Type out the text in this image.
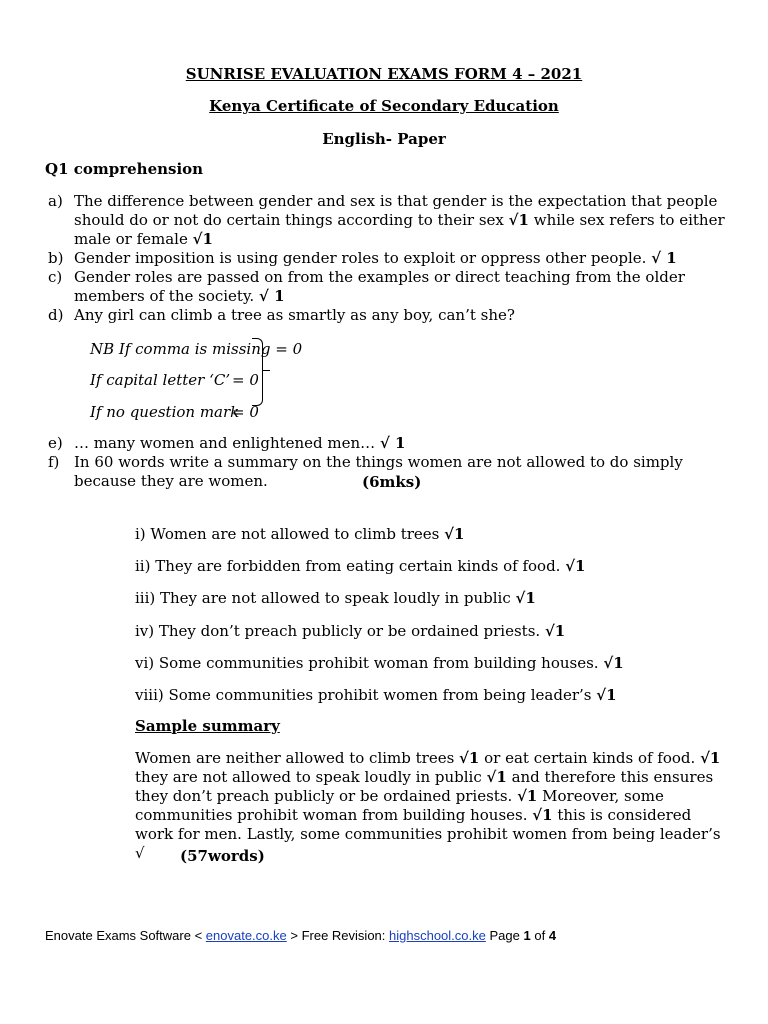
SUNRISE EVALUATION EXAMS FORM 4 – 2021
Kenya Certificate of Secondary Education
English- Paper
Q1 comprehension
a) The difference between gender and sex is that gender is the expectation that people should do or not do certain things according to their sex √1 while sex refers to either male or female √1
b) Gender imposition is using gender roles to exploit or oppress other people. √ 1
c) Gender roles are passed on from the examples or direct teaching from the older members of the society. √ 1
d) Any girl can climb a tree as smartly as any boy, can’t she?
NB If comma is missing = 0
If capital letter ‘C’ = 0
If no question mark
= 0
e) … many women and enlightened men… √ 1
f) In 60 words write a summary on the things women are not allowed to do simply because they are women.	(6mks)
i) Women are not allowed to climb trees √1
ii) They are forbidden from eating certain kinds of food. √1
iii) They are not allowed to speak loudly in public √1
iv) They don’t preach publicly or be ordained priests. √1
vi) Some communities prohibit woman from building houses. √1
viii) Some communities prohibit women from being leader’s √1
Sample summary
Women are neither allowed to climb trees √1 or eat certain kinds of food. √1 they are not allowed to speak loudly in public √1 and therefore this ensures they don’t preach publicly or be ordained priests. √1 Moreover, some communities prohibit woman from building houses. √1 this is considered work for men. Lastly, some communities prohibit women from being leader’s √	(57words)
Enovate Exams Software < enovate.co.ke > Free Revision: highschool.co.ke Page 1 of 4
